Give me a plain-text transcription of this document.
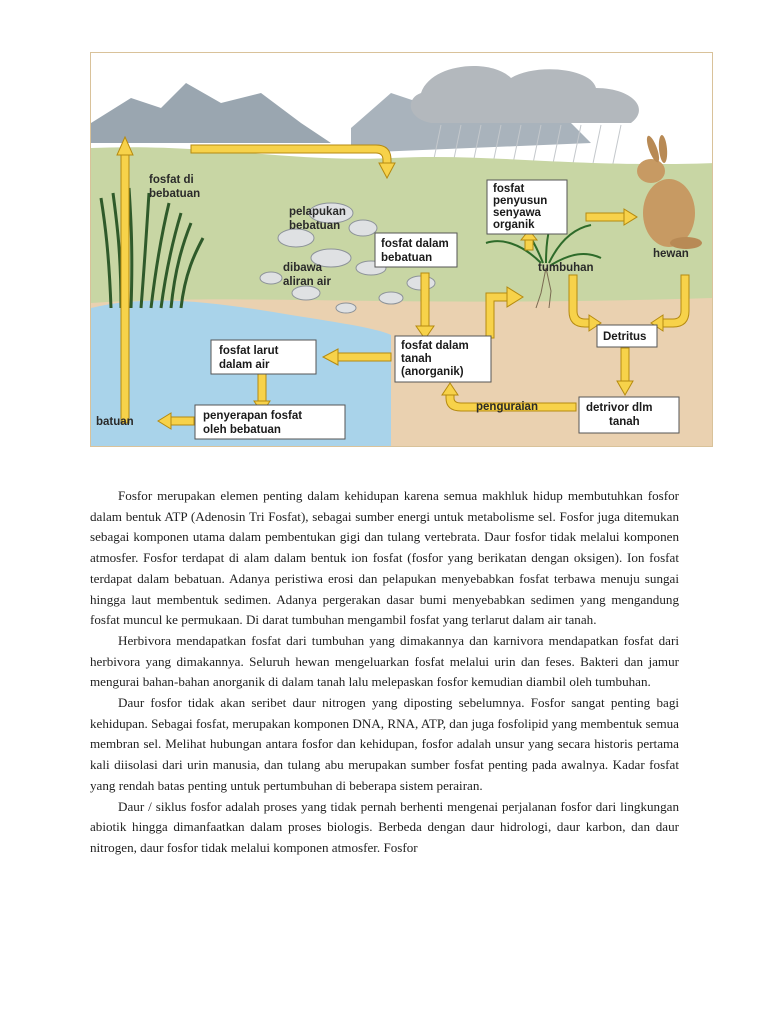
fosfat di
bebatuan
pelapukan
bebatuan
dibawa
aliran air
tumbuhan
hewan
penguraian
batuan
fosfat
penyusun
senyawa
organik
fosfat dalam
bebatuan
fosfat larut
dalam air
fosfat dalam
tanah
(anorganik)
Detritus
detrivor dlm
tanah
penyerapan fosfat
oleh bebatuan

Fosfor merupakan elemen penting dalam kehidupan karena semua makhluk hidup membutuhkan fosfor dalam bentuk ATP (Adenosin Tri Fosfat), sebagai sumber energi untuk metabolisme sel. Fosfor juga ditemukan sebagai komponen utama dalam pembentukan gigi dan tulang vertebrata. Daur fosfor tidak melalui komponen atmosfer. Fosfor terdapat di alam dalam bentuk ion fosfat (fosfor yang berikatan dengan oksigen). Ion fosfat terdapat dalam bebatuan. Adanya peristiwa erosi dan pelapukan menyebabkan fosfat terbawa menuju sungai hingga laut membentuk sedimen. Adanya pergerakan dasar bumi menyebabkan sedimen yang mengandung fosfat muncul ke permukaan. Di darat tumbuhan mengambil fosfat yang terlarut dalam air tanah.

Herbivora mendapatkan fosfat dari tumbuhan yang dimakannya dan karnivora mendapatkan fosfat dari herbivora yang dimakannya. Seluruh hewan mengeluarkan fosfat melalui urin dan feses. Bakteri dan jamur mengurai bahan-bahan anorganik di dalam tanah lalu melepaskan fosfor kemudian diambil oleh tumbuhan.

Daur fosfor tidak akan seribet daur nitrogen yang diposting sebelumnya. Fosfor sangat penting bagi kehidupan. Sebagai fosfat, merupakan komponen DNA, RNA, ATP, dan juga fosfolipid yang membentuk semua membran sel. Melihat hubungan antara fosfor dan kehidupan, fosfor adalah unsur yang secara historis pertama kali diisolasi dari urin manusia, dan tulang abu merupakan sumber fosfat penting pada awalnya. Kadar fosfat yang rendah batas penting untuk pertumbuhan di beberapa sistem perairan.

Daur / siklus fosfor adalah proses yang tidak pernah berhenti mengenai perjalanan fosfor dari lingkungan abiotik hingga dimanfaatkan dalam proses biologis. Berbeda dengan daur hidrologi, daur karbon, dan daur nitrogen, daur fosfor tidak melalui komponen atmosfer. Fosfor
